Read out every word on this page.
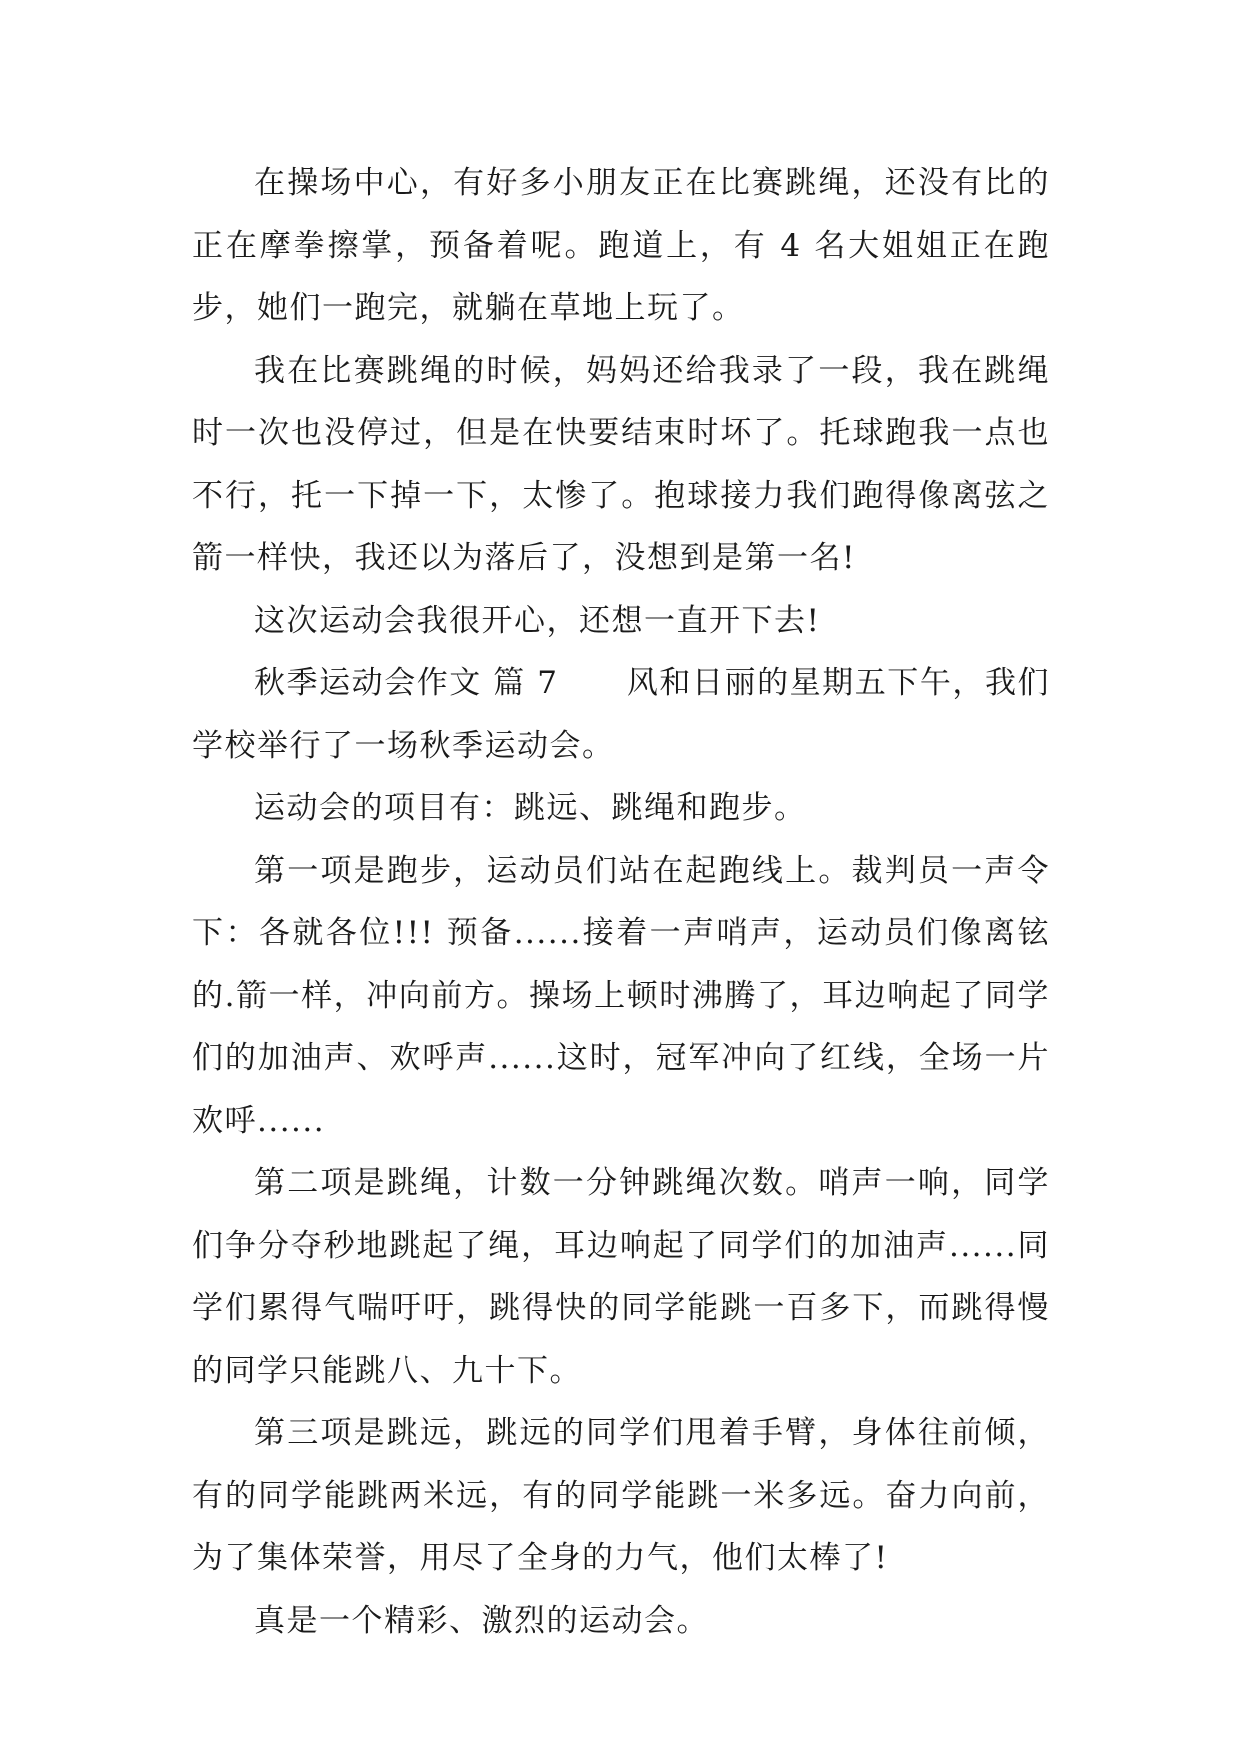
在操场中心，有好多小朋友正在比赛跳绳，还没有比的正在摩拳擦掌，预备着呢。跑道上，有 4 名大姐姐正在跑步，她们一跑完，就躺在草地上玩了。

我在比赛跳绳的时候，妈妈还给我录了一段，我在跳绳时一次也没停过，但是在快要结束时坏了。托球跑我一点也不行，托一下掉一下，太惨了。抱球接力我们跑得像离弦之箭一样快，我还以为落后了，没想到是第一名!

这次运动会我很开心，还想一直开下去!

秋季运动会作文 篇 7      风和日丽的星期五下午，我们学校举行了一场秋季运动会。

运动会的项目有：跳远、跳绳和跑步。

第一项是跑步，运动员们站在起跑线上。裁判员一声令下：各就各位!!! 预备......接着一声哨声，运动员们像离铉的.箭一样，冲向前方。操场上顿时沸腾了，耳边响起了同学们的加油声、欢呼声......这时，冠军冲向了红线，全场一片欢呼......

第二项是跳绳，计数一分钟跳绳次数。哨声一响，同学们争分夺秒地跳起了绳，耳边响起了同学们的加油声......同学们累得气喘吁吁，跳得快的同学能跳一百多下，而跳得慢的同学只能跳八、九十下。

第三项是跳远，跳远的同学们甩着手臂，身体往前倾，有的同学能跳两米远，有的同学能跳一米多远。奋力向前，为了集体荣誉，用尽了全身的力气，他们太棒了!

真是一个精彩、激烈的运动会。
